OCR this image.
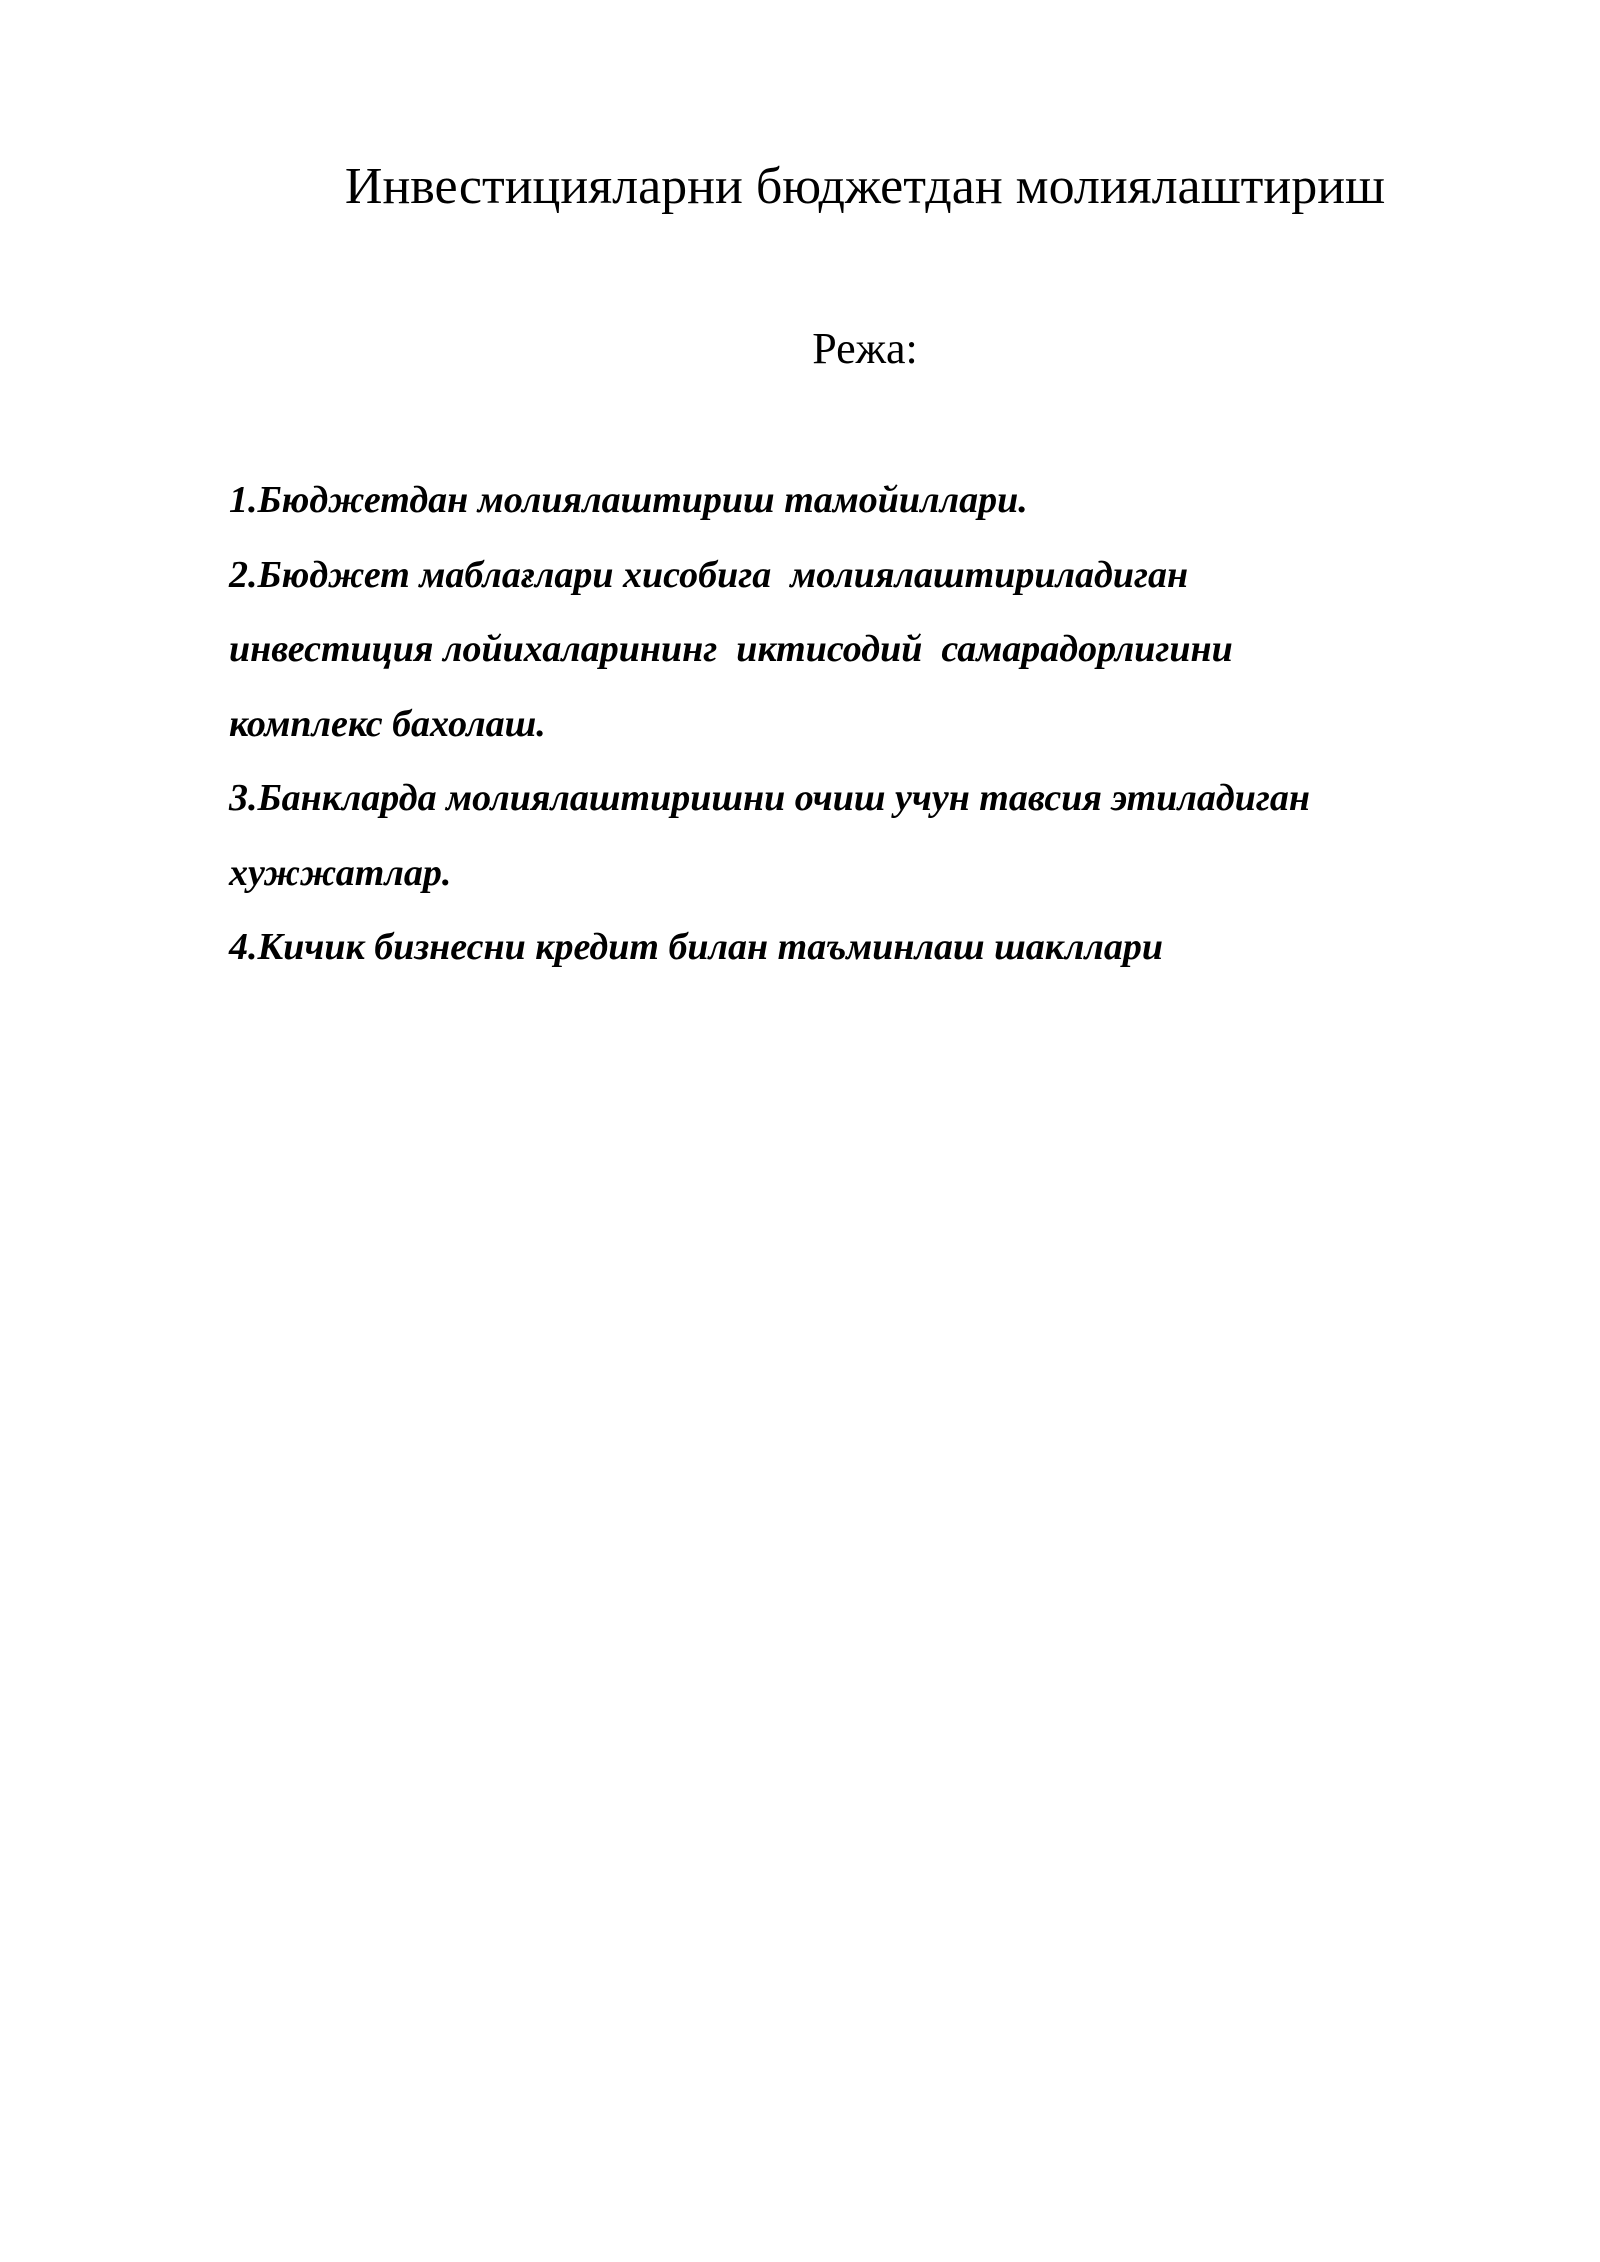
Инвестицияларни бюджетдан молиялаштириш
Режа:
1.Бюджетдан молиялаштириш тамойиллари.
2.Бюджет маблағлари хисобига  молиялаштириладиган
инвестиция лойихаларининг  иктисодий  самарадорлигини
комплекс бахолаш.
3.Банкларда молиялаштиришни очиш учун тавсия этиладиган
хужжатлар.
4.Кичик бизнесни кредит билан таъминлаш шакллари
